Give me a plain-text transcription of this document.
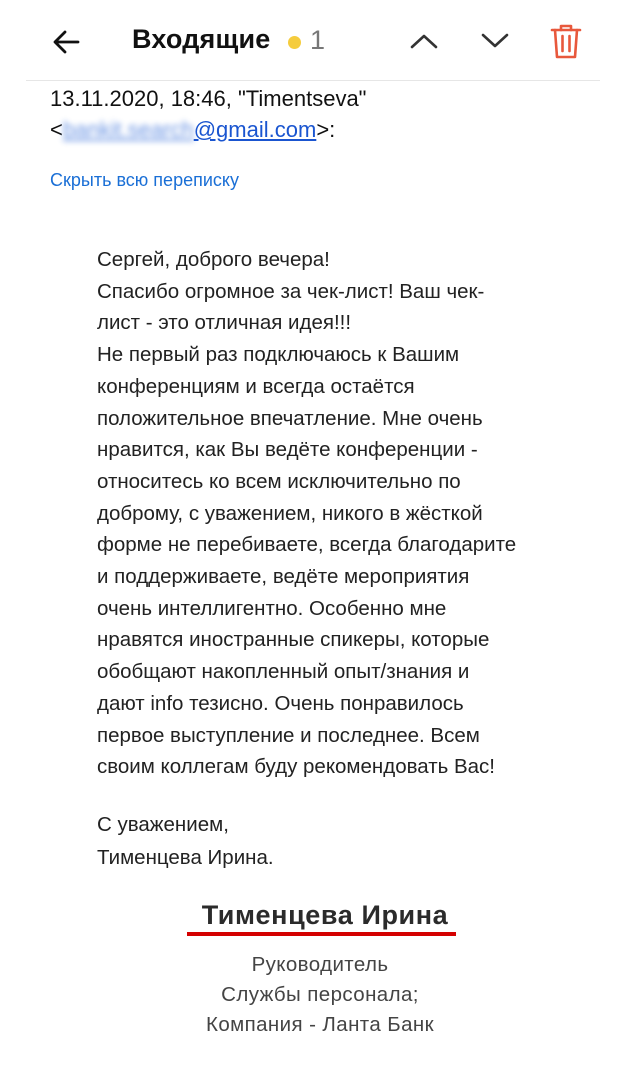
Входящие 1
13.11.2020, 18:46, "Timentseva"
<bankit.search@gmail.com>:
Скрыть всю переписку
Сергей, доброго вечера!
Спасибо огромное за чек-лист! Ваш чек-
лист - это отличная идея!!!
Не первый раз подключаюсь к Вашим
конференциям и всегда остаётся
положительное впечатление. Мне очень
нравится, как Вы ведёте конференции -
относитесь ко всем исключительно по
доброму, с уважением, никого в жёсткой
форме не перебиваете, всегда благодарите
и поддерживаете, ведёте мероприятия
очень интеллигентно. Особенно мне
нравятся иностранные спикеры, которые
обобщают накопленный опыт/знания и
дают info тезисно. Очень понравилось
первое выступление и последнее. Всем
своим коллегам буду рекомендовать Вас!
С уважением,
Тименцева Ирина.
Тименцева Ирина
Руководитель
Службы персонала;
Компания - Ланта Банк
